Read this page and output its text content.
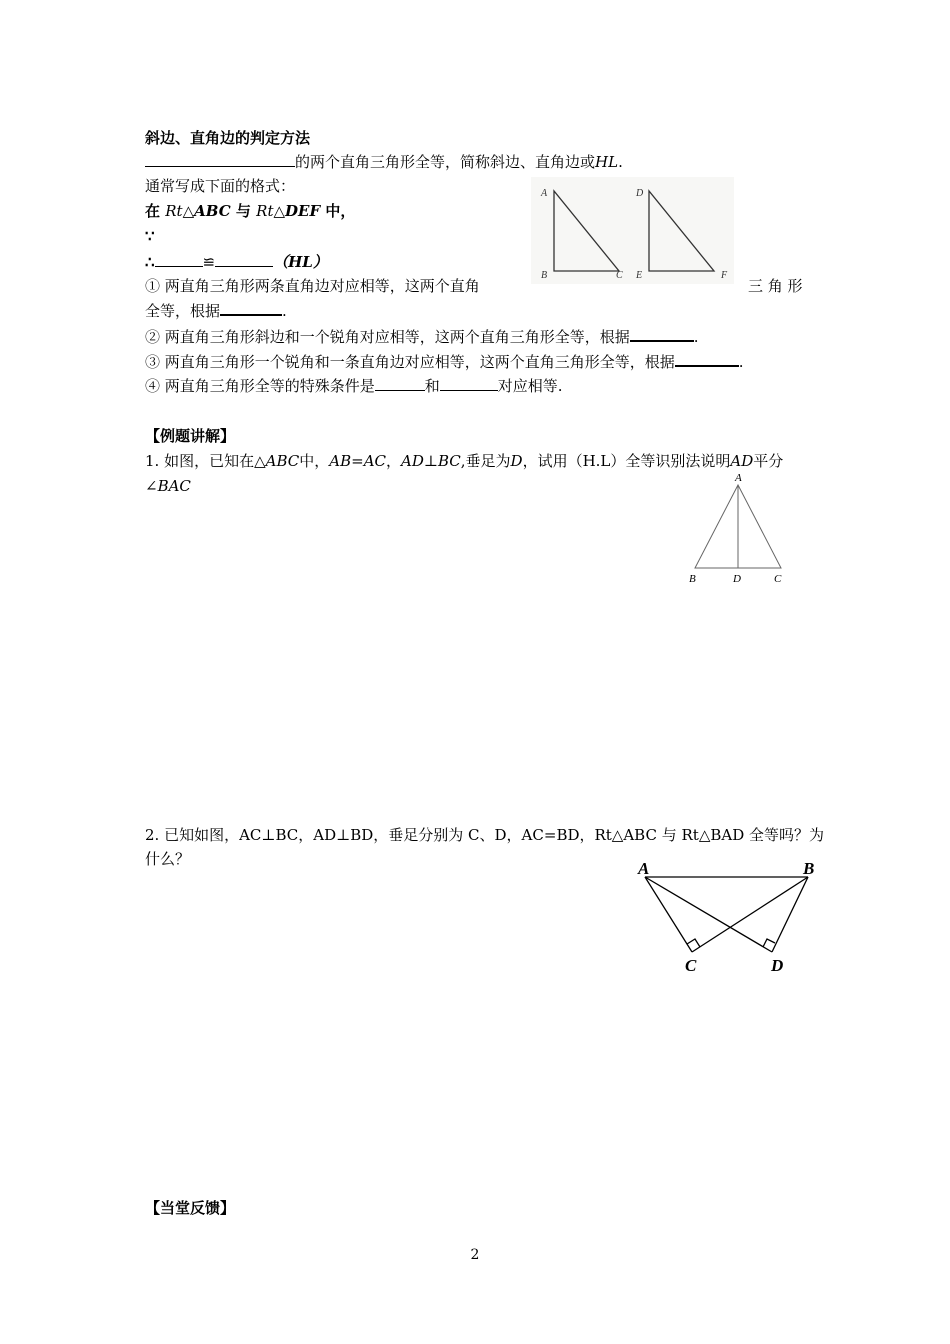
斜边、直角边的判定方法
的两个直角三角形全等，简称斜边、直角边或HL.
通常写成下面的格式：
在 Rt△ABC 与 Rt△DEF 中，
∵
∴	≌	（HL）
① 两直角三角形两条直角边对应相等，这两个直角	三 角 形
全等，根据	.
② 两直角三角形斜边和一个锐角对应相等，这两个直角三角形全等，根据	.
③ 两直角三角形一个锐角和一条直角边对应相等，这两个直角三角形全等，根据	.
④ 两直角三角形全等的特殊条件是	和	对应相等.
A
B	C
D
E	F
【例题讲解】
1. 如图，已知在△ABC中，AB=AC，AD⊥BC,垂足为D，试用（H.L）全等识别法说明AD平分
∠BAC	A
B	D	C
2. 已知如图，AC⊥BC，AD⊥BD，垂足分别为 C、D，AC=BD，Rt△ABC 与 Rt△BAD 全等吗？为
什么？	A	B
C	D
【当堂反馈】
2
